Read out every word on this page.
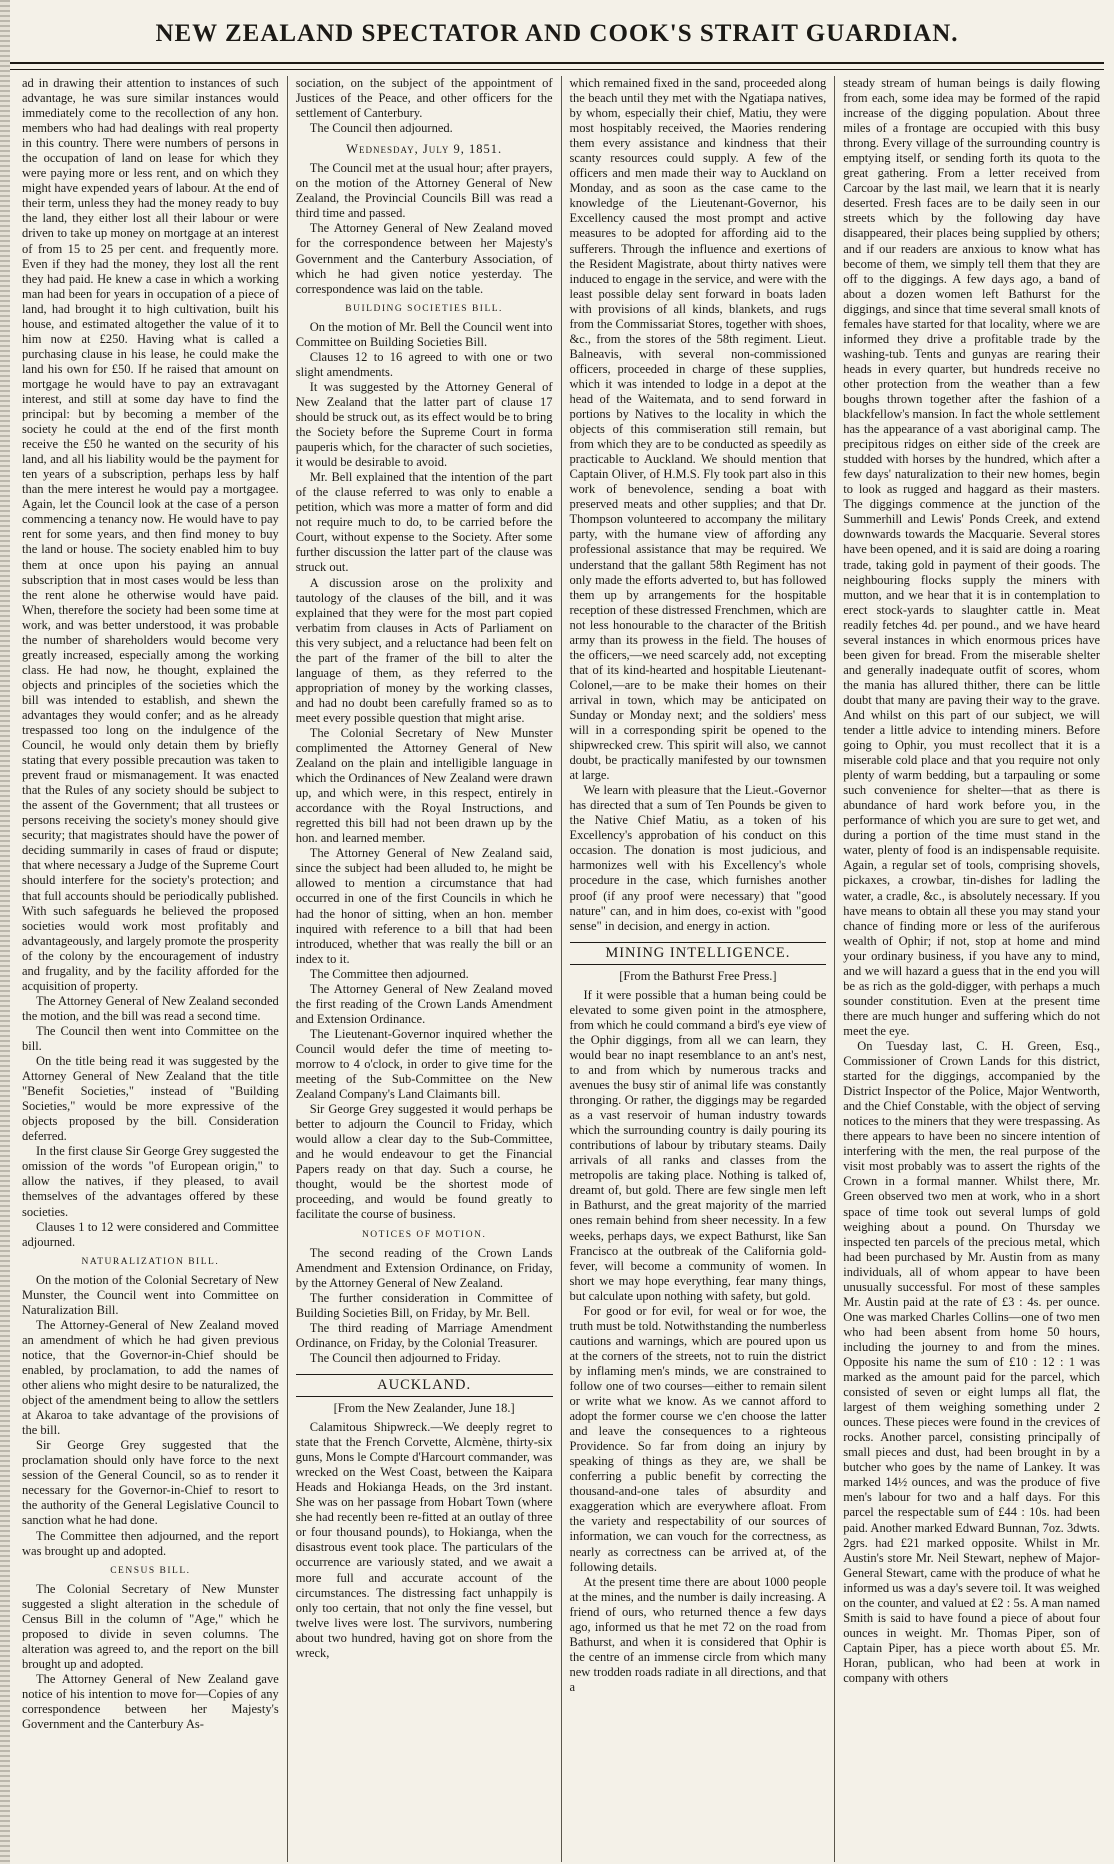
NEW ZEALAND SPECTATOR AND COOK'S STRAIT GUARDIAN.

ad in drawing their attention to instances of such advantage, he was sure similar instances would immediately come to the recollection of any hon. members who had had dealings with real property in this country. There were numbers of persons in the occupation of land on lease for which they were paying more or less rent, and on which they might have expended years of labour. At the end of their term, unless they had the money ready to buy the land, they either lost all their labour or were driven to take up money on mortgage at an interest of from 15 to 25 per cent. and frequently more. Even if they had the money, they lost all the rent they had paid. He knew a case in which a working man had been for years in occupation of a piece of land, had brought it to high cultivation, built his house, and estimated altogether the value of it to him now at £250. Having what is called a purchasing clause in his lease, he could make the land his own for £50. If he raised that amount on mortgage he would have to pay an extravagant interest, and still at some day have to find the principal: but by becoming a member of the society he could at the end of the first month receive the £50 he wanted on the security of his land, and all his liability would be the payment for ten years of a subscription, perhaps less by half than the mere interest he would pay a mortgagee. Again, let the Council look at the case of a person commencing a tenancy now. He would have to pay rent for some years, and then find money to buy the land or house. The society enabled him to buy them at once upon his paying an annual subscription that in most cases would be less than the rent alone he otherwise would have paid. When, therefore the society had been some time at work, and was better understood, it was probable the number of shareholders would become very greatly increased, especially among the working class. He had now, he thought, explained the objects and principles of the societies which the bill was intended to establish, and shewn the advantages they would confer; and as he already trespassed too long on the indulgence of the Council, he would only detain them by briefly stating that every possible precaution was taken to prevent fraud or mismanagement. It was enacted that the Rules of any society should be subject to the assent of the Government; that all trustees or persons receiving the society's money should give security; that magistrates should have the power of deciding summarily in cases of fraud or dispute; that where necessary a Judge of the Supreme Court should interfere for the society's protection; and that full accounts should be periodically published. With such safeguards he believed the proposed societies would work most profitably and advantageously, and largely promote the prosperity of the colony by the encouragement of industry and frugality, and by the facility afforded for the acquisition of property.

The Attorney General of New Zealand seconded the motion, and the bill was read a second time.

The Council then went into Committee on the bill.

On the title being read it was suggested by the Attorney General of New Zealand that the title "Benefit Societies," instead of "Building Societies," would be more expressive of the objects proposed by the bill. Consideration deferred.

In the first clause Sir George Grey suggested the omission of the words "of European origin," to allow the natives, if they pleased, to avail themselves of the advantages offered by these societies.

Clauses 1 to 12 were considered and Committee adjourned.

NATURALIZATION BILL.

On the motion of the Colonial Secretary of New Munster, the Council went into Committee on Naturalization Bill.

The Attorney-General of New Zealand moved an amendment of which he had given previous notice, that the Governor-in-Chief should be enabled, by proclamation, to add the names of other aliens who might desire to be naturalized, the object of the amendment being to allow the settlers at Akaroa to take advantage of the provisions of the bill.

Sir George Grey suggested that the proclamation should only have force to the next session of the General Council, so as to render it necessary for the Governor-in-Chief to resort to the authority of the General Legislative Council to sanction what he had done.

The Committee then adjourned, and the report was brought up and adopted.

CENSUS BILL.

The Colonial Secretary of New Munster suggested a slight alteration in the schedule of Census Bill in the column of "Age," which he proposed to divide in seven columns. The alteration was agreed to, and the report on the bill brought up and adopted.

The Attorney General of New Zealand gave notice of his intention to move for—Copies of any correspondence between her Majesty's Government and the Canterbury As-

sociation, on the subject of the appointment of Justices of the Peace, and other officers for the settlement of Canterbury.

The Council then adjourned.

Wednesday, July 9, 1851.

The Council met at the usual hour; after prayers, on the motion of the Attorney General of New Zealand, the Provincial Councils Bill was read a third time and passed.

The Attorney General of New Zealand moved for the correspondence between her Majesty's Government and the Canterbury Association, of which he had given notice yesterday. The correspondence was laid on the table.

BUILDING SOCIETIES BILL.

On the motion of Mr. Bell the Council went into Committee on Building Societies Bill.

Clauses 12 to 16 agreed to with one or two slight amendments.

It was suggested by the Attorney General of New Zealand that the latter part of clause 17 should be struck out, as its effect would be to bring the Society before the Supreme Court in forma pauperis which, for the character of such societies, it would be desirable to avoid.

Mr. Bell explained that the intention of the part of the clause referred to was only to enable a petition, which was more a matter of form and did not require much to do, to be carried before the Court, without expense to the Society. After some further discussion the latter part of the clause was struck out.

A discussion arose on the prolixity and tautology of the clauses of the bill, and it was explained that they were for the most part copied verbatim from clauses in Acts of Parliament on this very subject, and a reluctance had been felt on the part of the framer of the bill to alter the language of them, as they referred to the appropriation of money by the working classes, and had no doubt been carefully framed so as to meet every possible question that might arise.

The Colonial Secretary of New Munster complimented the Attorney General of New Zealand on the plain and intelligible language in which the Ordinances of New Zealand were drawn up, and which were, in this respect, entirely in accordance with the Royal Instructions, and regretted this bill had not been drawn up by the hon. and learned member.

The Attorney General of New Zealand said, since the subject had been alluded to, he might be allowed to mention a circumstance that had occurred in one of the first Councils in which he had the honor of sitting, when an hon. member inquired with reference to a bill that had been introduced, whether that was really the bill or an index to it.

The Committee then adjourned.

The Attorney General of New Zealand moved the first reading of the Crown Lands Amendment and Extension Ordinance.

The Lieutenant-Governor inquired whether the Council would defer the time of meeting to-morrow to 4 o'clock, in order to give time for the meeting of the Sub-Committee on the New Zealand Company's Land Claimants bill.

Sir George Grey suggested it would perhaps be better to adjourn the Council to Friday, which would allow a clear day to the Sub-Committee, and he would endeavour to get the Financial Papers ready on that day. Such a course, he thought, would be the shortest mode of proceeding, and would be found greatly to facilitate the course of business.

NOTICES OF MOTION.

The second reading of the Crown Lands Amendment and Extension Ordinance, on Friday, by the Attorney General of New Zealand.

The further consideration in Committee of Building Societies Bill, on Friday, by Mr. Bell.

The third reading of Marriage Amendment Ordinance, on Friday, by the Colonial Treasurer.

The Council then adjourned to Friday.

AUCKLAND.
[From the New Zealander, June 18.]

Calamitous Shipwreck.—We deeply regret to state that the French Corvette, Alcmène, thirty-six guns, Mons le Compte d'Harcourt commander, was wrecked on the West Coast, between the Kaipara Heads and Hokianga Heads, on the 3rd instant. She was on her passage from Hobart Town (where she had recently been re-fitted at an outlay of three or four thousand pounds), to Hokianga, when the disastrous event took place. The particulars of the occurrence are variously stated, and we await a more full and accurate account of the circumstances. The distressing fact unhappily is only too certain, that not only the fine vessel, but twelve lives were lost. The survivors, numbering about two hundred, having got on shore from the wreck,

which remained fixed in the sand, proceeded along the beach until they met with the Ngatiapa natives, by whom, especially their chief, Matiu, they were most hospitably received, the Maories rendering them every assistance and kindness that their scanty resources could supply. A few of the officers and men made their way to Auckland on Monday, and as soon as the case came to the knowledge of the Lieutenant-Governor, his Excellency caused the most prompt and active measures to be adopted for affording aid to the sufferers. Through the influence and exertions of the Resident Magistrate, about thirty natives were induced to engage in the service, and were with the least possible delay sent forward in boats laden with provisions of all kinds, blankets, and rugs from the Commissariat Stores, together with shoes, &c., from the stores of the 58th regiment. Lieut. Balneavis, with several non-commissioned officers, proceeded in charge of these supplies, which it was intended to lodge in a depot at the head of the Waitemata, and to send forward in portions by Natives to the locality in which the objects of this commiseration still remain, but from which they are to be conducted as speedily as practicable to Auckland. We should mention that Captain Oliver, of H.M.S. Fly took part also in this work of benevolence, sending a boat with preserved meats and other supplies; and that Dr. Thompson volunteered to accompany the military party, with the humane view of affording any professional assistance that may be required. We understand that the gallant 58th Regiment has not only made the efforts adverted to, but has followed them up by arrangements for the hospitable reception of these distressed Frenchmen, which are not less honourable to the character of the British army than its prowess in the field. The houses of the officers,—we need scarcely add, not excepting that of its kind-hearted and hospitable Lieutenant-Colonel,—are to be make their homes on their arrival in town, which may be anticipated on Sunday or Monday next; and the soldiers' mess will in a corresponding spirit be opened to the shipwrecked crew. This spirit will also, we cannot doubt, be practically manifested by our townsmen at large.

We learn with pleasure that the Lieut.-Governor has directed that a sum of Ten Pounds be given to the Native Chief Matiu, as a token of his Excellency's approbation of his conduct on this occasion. The donation is most judicious, and harmonizes well with his Excellency's whole procedure in the case, which furnishes another proof (if any proof were necessary) that "good nature" can, and in him does, co-exist with "good sense" in decision, and energy in action.

MINING INTELLIGENCE.
[From the Bathurst Free Press.]

If it were possible that a human being could be elevated to some given point in the atmosphere, from which he could command a bird's eye view of the Ophir diggings, from all we can learn, they would bear no inapt resemblance to an ant's nest, to and from which by numerous tracks and avenues the busy stir of animal life was constantly thronging. Or rather, the diggings may be regarded as a vast reservoir of human industry towards which the surrounding country is daily pouring its contributions of labour by tributary steams. Daily arrivals of all ranks and classes from the metropolis are taking place. Nothing is talked of, dreamt of, but gold. There are few single men left in Bathurst, and the great majority of the married ones remain behind from sheer necessity. In a few weeks, perhaps days, we expect Bathurst, like San Francisco at the outbreak of the California gold-fever, will become a community of women. In short we may hope everything, fear many things, but calculate upon nothing with safety, but gold.

For good or for evil, for weal or for woe, the truth must be told. Notwithstanding the numberless cautions and warnings, which are poured upon us at the corners of the streets, not to ruin the district by inflaming men's minds, we are constrained to follow one of two courses—either to remain silent or write what we know. As we cannot afford to adopt the former course we c'en choose the latter and leave the consequences to a righteous Providence. So far from doing an injury by speaking of things as they are, we shall be conferring a public benefit by correcting the thousand-and-one tales of absurdity and exaggeration which are everywhere afloat. From the variety and respectability of our sources of information, we can vouch for the correctness, as nearly as correctness can be arrived at, of the following details.

At the present time there are about 1000 people at the mines, and the number is daily increasing. A friend of ours, who returned thence a few days ago, informed us that he met 72 on the road from Bathurst, and when it is considered that Ophir is the centre of an immense circle from which many new trodden roads radiate in all directions, and that a

steady stream of human beings is daily flowing from each, some idea may be formed of the rapid increase of the digging population. About three miles of a frontage are occupied with this busy throng. Every village of the surrounding country is emptying itself, or sending forth its quota to the great gathering. From a letter received from Carcoar by the last mail, we learn that it is nearly deserted. Fresh faces are to be daily seen in our streets which by the following day have disappeared, their places being supplied by others; and if our readers are anxious to know what has become of them, we simply tell them that they are off to the diggings. A few days ago, a band of about a dozen women left Bathurst for the diggings, and since that time several small knots of females have started for that locality, where we are informed they drive a profitable trade by the washing-tub. Tents and gunyas are rearing their heads in every quarter, but hundreds receive no other protection from the weather than a few boughs thrown together after the fashion of a blackfellow's mansion. In fact the whole settlement has the appearance of a vast aboriginal camp. The precipitous ridges on either side of the creek are studded with horses by the hundred, which after a few days' naturalization to their new homes, begin to look as rugged and haggard as their masters. The diggings commence at the junction of the Summerhill and Lewis' Ponds Creek, and extend downwards towards the Macquarie. Several stores have been opened, and it is said are doing a roaring trade, taking gold in payment of their goods. The neighbouring flocks supply the miners with mutton, and we hear that it is in contemplation to erect stock-yards to slaughter cattle in. Meat readily fetches 4d. per pound., and we have heard several instances in which enormous prices have been given for bread. From the miserable shelter and generally inadequate outfit of scores, whom the mania has allured thither, there can be little doubt that many are paving their way to the grave. And whilst on this part of our subject, we will tender a little advice to intending miners. Before going to Ophir, you must recollect that it is a miserable cold place and that you require not only plenty of warm bedding, but a tarpauling or some such convenience for shelter—that as there is abundance of hard work before you, in the performance of which you are sure to get wet, and during a portion of the time must stand in the water, plenty of food is an indispensable requisite. Again, a regular set of tools, comprising shovels, pickaxes, a crowbar, tin-dishes for ladling the water, a cradle, &c., is absolutely necessary. If you have means to obtain all these you may stand your chance of finding more or less of the auriferous wealth of Ophir; if not, stop at home and mind your ordinary business, if you have any to mind, and we will hazard a guess that in the end you will be as rich as the gold-digger, with perhaps a much sounder constitution. Even at the present time there are much hunger and suffering which do not meet the eye.

On Tuesday last, C. H. Green, Esq., Commissioner of Crown Lands for this district, started for the diggings, accompanied by the District Inspector of the Police, Major Wentworth, and the Chief Constable, with the object of serving notices to the miners that they were trespassing. As there appears to have been no sincere intention of interfering with the men, the real purpose of the visit most probably was to assert the rights of the Crown in a formal manner. Whilst there, Mr. Green observed two men at work, who in a short space of time took out several lumps of gold weighing about a pound. On Thursday we inspected ten parcels of the precious metal, which had been purchased by Mr. Austin from as many individuals, all of whom appear to have been unusually successful. For most of these samples Mr. Austin paid at the rate of £3 : 4s. per ounce. One was marked Charles Collins—one of two men who had been absent from home 50 hours, including the journey to and from the mines. Opposite his name the sum of £10 : 12 : 1 was marked as the amount paid for the parcel, which consisted of seven or eight lumps all flat, the largest of them weighing something under 2 ounces. These pieces were found in the crevices of rocks. Another parcel, consisting principally of small pieces and dust, had been brought in by a butcher who goes by the name of Lankey. It was marked 14½ ounces, and was the produce of five men's labour for two and a half days. For this parcel the respectable sum of £44 : 10s. had been paid. Another marked Edward Bunnan, 7oz. 3dwts. 2grs. had £21 marked opposite. Whilst in Mr. Austin's store Mr. Neil Stewart, nephew of Major-General Stewart, came with the produce of what he informed us was a day's severe toil. It was weighed on the counter, and valued at £2 : 5s. A man named Smith is said to have found a piece of about four ounces in weight. Mr. Thomas Piper, son of Captain Piper, has a piece worth about £5. Mr. Horan, publican, who had been at work in company with others
